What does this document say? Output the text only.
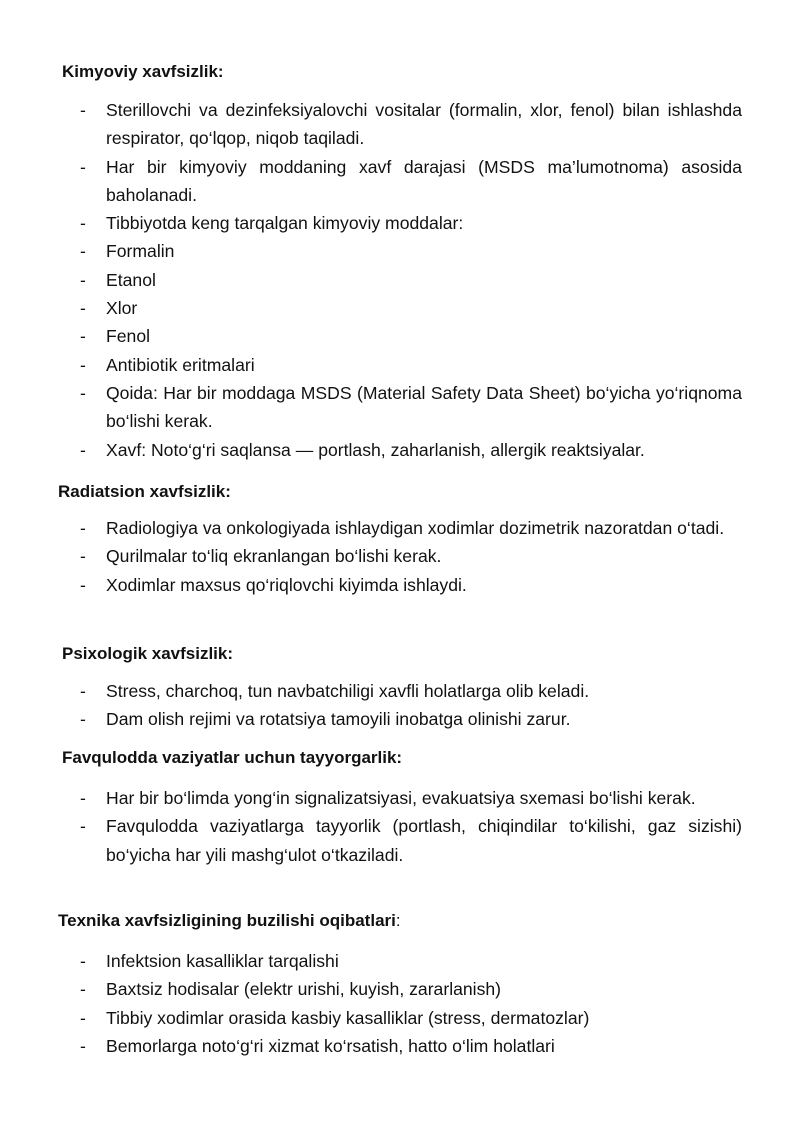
Kimyoviy xavfsizlik:
- Sterillovchi va dezinfeksiyalovchi vositalar (formalin, xlor, fenol) bilan ishlashda respirator, qo‘lqop, niqob taqiladi.
- Har bir kimyoviy moddaning xavf darajasi (MSDS ma’lumotnoma) asosida baholanadi.
- Tibbiyotda keng tarqalgan kimyoviy moddalar:
- Formalin
- Etanol
- Xlor
- Fenol
- Antibiotik eritmalari
- Qoida: Har bir moddaga MSDS (Material Safety Data Sheet) bo‘yicha yo‘riqnoma bo‘lishi kerak.
- Xavf: Noto‘g‘ri saqlansa — portlash, zaharlanish, allergik reaktsiyalar.
Radiatsion xavfsizlik:
- Radiologiya va onkologiyada ishlaydigan xodimlar dozimetrik nazoratdan o‘tadi.
- Qurilmalar to‘liq ekranlangan bo‘lishi kerak.
- Xodimlar maxsus qo‘riqlovchi kiyimda ishlaydi.
Psixologik xavfsizlik:
- Stress, charchoq, tun navbatchiligi xavfli holatlarga olib keladi.
- Dam olish rejimi va rotatsiya tamoyili inobatga olinishi zarur.
Favqulodda vaziyatlar uchun tayyorgarlik:
- Har bir bo‘limda yong‘in signalizatsiyasi, evakuatsiya sxemasi bo‘lishi kerak.
- Favqulodda vaziyatlarga tayyorlik (portlash, chiqindilar to‘kilishi, gaz sizishi) bo‘yicha har yili mashg‘ulot o‘tkaziladi.
Texnika xavfsizligining buzilishi oqibatlari:
- Infektsion kasalliklar tarqalishi
- Baxtsiz hodisalar (elektr urishi, kuyish, zararlanish)
- Tibbiy xodimlar orasida kasbiy kasalliklar (stress, dermatozlar)
- Bemorlarga noto‘g‘ri xizmat ko‘rsatish, hatto o‘lim holatlari
